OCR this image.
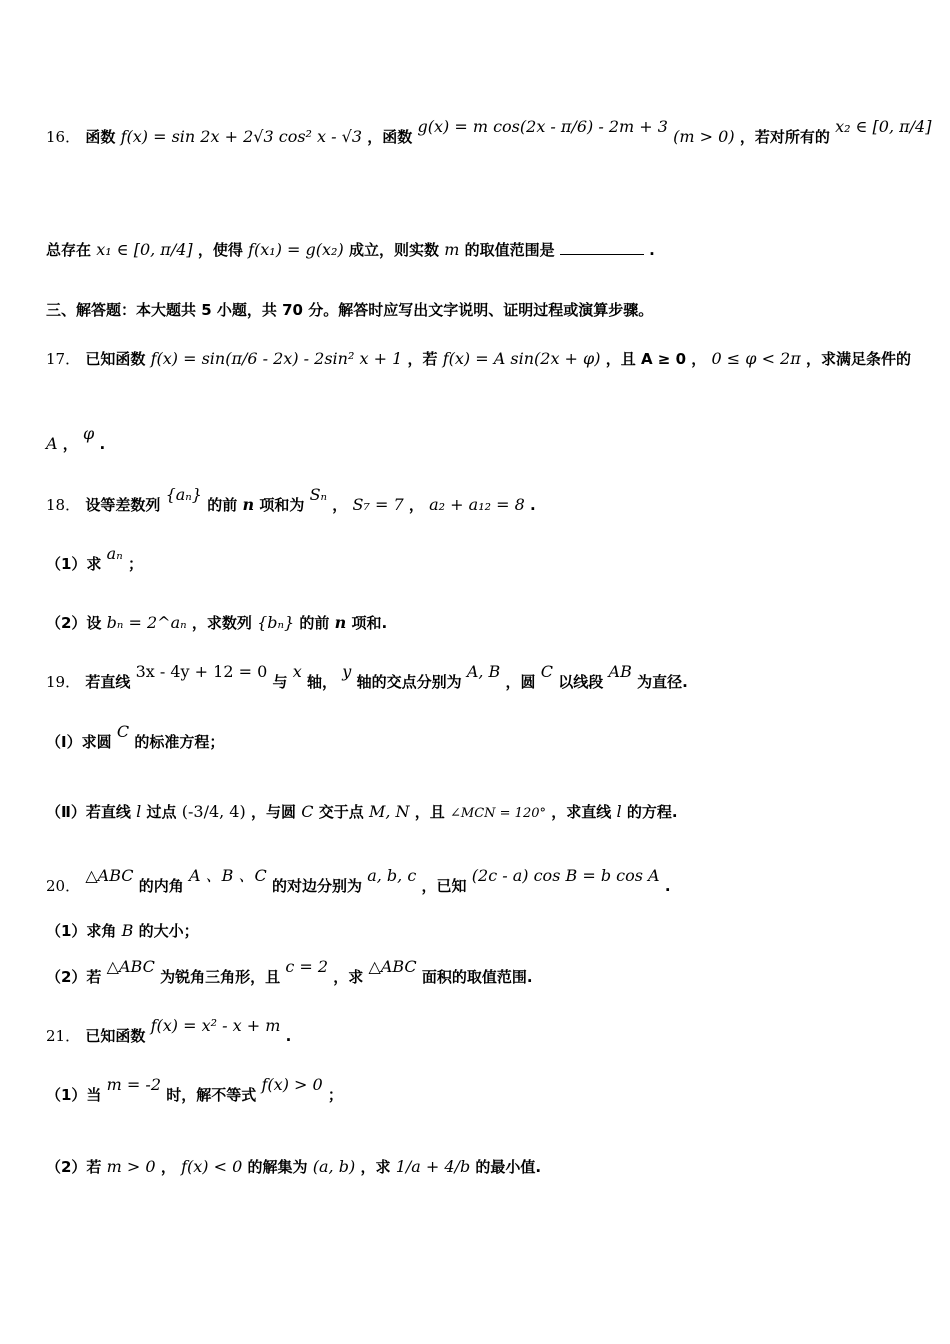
16． 函数 f(x) = sin 2x + 2√3 cos² x - √3 ，函数 g(x) = m cos(2x - π/6) - 2m + 3 (m > 0) ，若对所有的 x₂ ∈ [0, π/4]
总存在 x₁ ∈ [0, π/4] ，使得 f(x₁) = g(x₂) 成立，则实数 m 的取值范围是	.
三、解答题：本大题共 5 小题，共 70 分。解答时应写出文字说明、证明过程或演算步骤。
17． 已知函数 f(x) = sin(π/6 - 2x) - 2sin² x + 1 ，若 f(x) = A sin(2x + φ) ，且 A ≥ 0 ， 0 ≤ φ < 2π ，求满足条件的
A ， φ .
18． 设等差数列 {aₙ} 的前 n 项和为 Sₙ ， S₇ = 7 ， a₂ + a₁₂ = 8 .
（1）求 aₙ ；
（2）设 bₙ = 2^aₙ ，求数列 {bₙ} 的前 n 项和.
19． 若直线 3x - 4y + 12 = 0 与 x 轴， y 轴的交点分别为 A, B ，圆 C 以线段 AB 为直径.
（Ⅰ）求圆 C 的标准方程；
（Ⅱ）若直线 l 过点 (-3/4, 4) ，与圆 C 交于点 M, N ，且 ∠MCN = 120° ，求直线 l 的方程.
20． △ABC 的内角 A 、B 、C 的对边分别为 a, b, c ，已知 (2c - a) cos B = b cos A .
（1）求角 B 的大小；
（2）若 △ABC 为锐角三角形，且 c = 2 ，求 △ABC 面积的取值范围.
21． 已知函数 f(x) = x² - x + m .
（1）当 m = -2 时，解不等式 f(x) > 0 ；
（2）若 m > 0 ， f(x) < 0 的解集为 (a, b) ，求 1/a + 4/b 的最小值.
